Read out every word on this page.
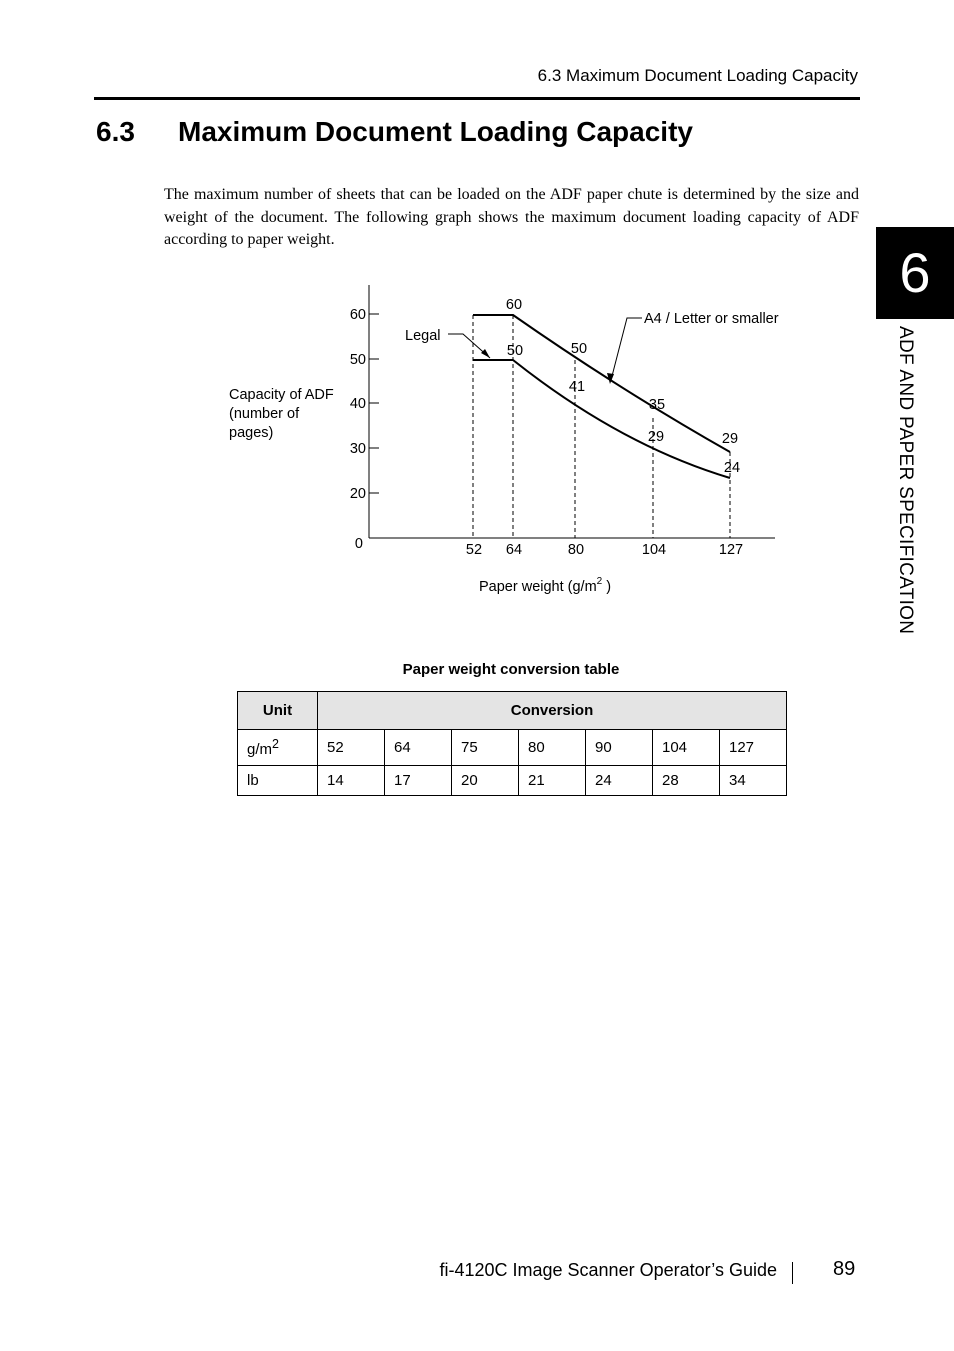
6.3 Maximum Document Loading Capacity
6.3 Maximum Document Loading Capacity
The maximum number of sheets that can be loaded on the ADF paper chute is determined by the size and weight of the document. The following graph shows the maximum document loading capacity of ADF according to paper weight.
6
ADF AND PAPER SPECIFICATION
0
20
30
40
50
60
Capacity of ADF
(number of
pages)
52 64	80	104	127
Paper weight ($g/m^2$ )
60
50	50
41
35
29	29
24
Legal
A4 / Letter or smaller
Paper weight conversion table
Unit	Conversion						
$g/m^2$	52	64	75	80	90	104	127
lb	14	17	20	21	24	28	34
fi-4120C Image Scanner Operator’s Guide	89
